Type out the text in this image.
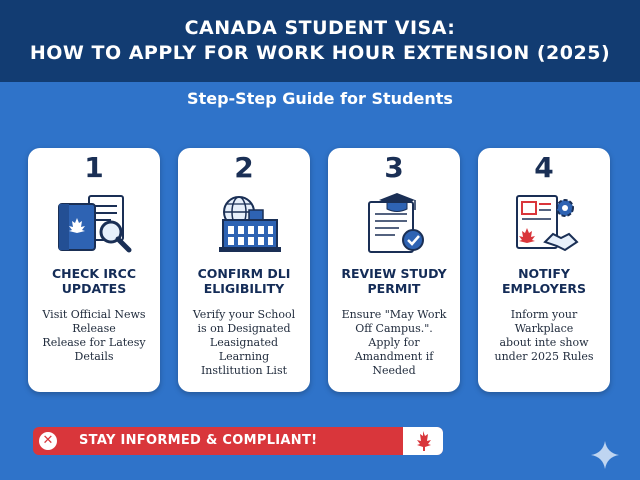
CANADA STUDENT VISA:
HOW TO APPLY FOR WORK HOUR EXTENSION (2025)
Step-Step Guide for Students
1
CHECK IRCC
UPDATES
Visit Official News
Release
Release for Latesy
Details
2
CONFIRM DLI
ELIGIBILITY
Verify your School
is on Designated
Leasignated Learning
Instlitution List
3
REVIEW STUDY
PERMIT
Ensure "May Work
Off Campus.".
Apply for
Amandment if
Needed
4
NOTIFY
EMPLOYERS
Inform your
Warkplace
about inte show
under 2025 Rules
✕ STAY INFORMED & COMPLIANT!
